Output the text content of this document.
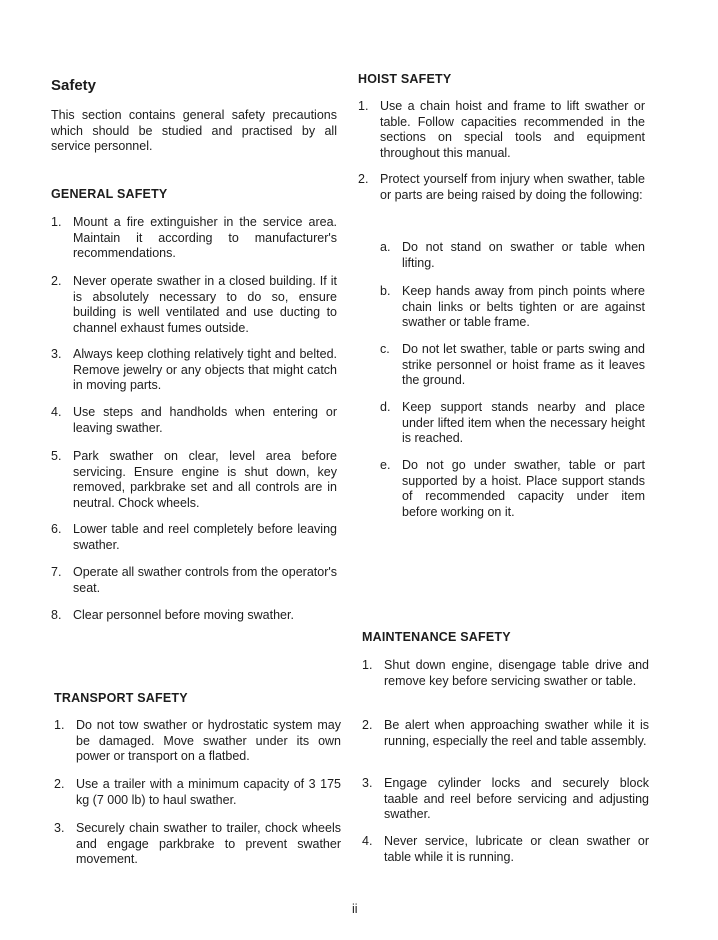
Safety

This section contains general safety precautions which should be studied and practised by all service personnel.

GENERAL SAFETY
1. Mount a fire extinguisher in the service area. Maintain it according to manufacturer's recommendations.
2. Never operate swather in a closed building. If it is absolutely necessary to do so, ensure building is well ventilated and use ducting to channel exhaust fumes outside.
3. Always keep clothing relatively tight and belted. Remove jewelry or any objects that might catch in moving parts.
4. Use steps and handholds when entering or leaving swather.
5. Park swather on clear, level area before servicing. Ensure engine is shut down, key removed, parkbrake set and all controls are in neutral. Chock wheels.
6. Lower table and reel completely before leaving swather.
7. Operate all swather controls from the operator's seat.
8. Clear personnel before moving swather.
TRANSPORT SAFETY
1. Do not tow swather or hydrostatic system may be damaged. Move swather under its own power or transport on a flatbed.
2. Use a trailer with a minimum capacity of 3 175 kg (7 000 lb) to haul swather.
3. Securely chain swather to trailer, chock wheels and engage parkbrake to prevent swather movement.
HOIST SAFETY
1. Use a chain hoist and frame to lift swather or table. Follow capacities recommended in the sections on special tools and equipment throughout this manual.
2. Protect yourself from injury when swather, table or parts are being raised by doing the following:
a. Do not stand on swather or table when lifting.
b. Keep hands away from pinch points where chain links or belts tighten or are against swather or table frame.
c. Do not let swather, table or parts swing and strike personnel or hoist frame as it leaves the ground.
d. Keep support stands nearby and place under lifted item when the necessary height is reached.
e. Do not go under swather, table or part supported by a hoist. Place support stands of recommended capacity under item before working on it.
MAINTENANCE SAFETY
1. Shut down engine, disengage table drive and remove key before servicing swather or table.
2. Be alert when approaching swather while it is running, especially the reel and table assembly.
3. Engage cylinder locks and securely block taable and reel before servicing and adjusting swather.
4. Never service, lubricate or clean swather or table while it is running.
ii
